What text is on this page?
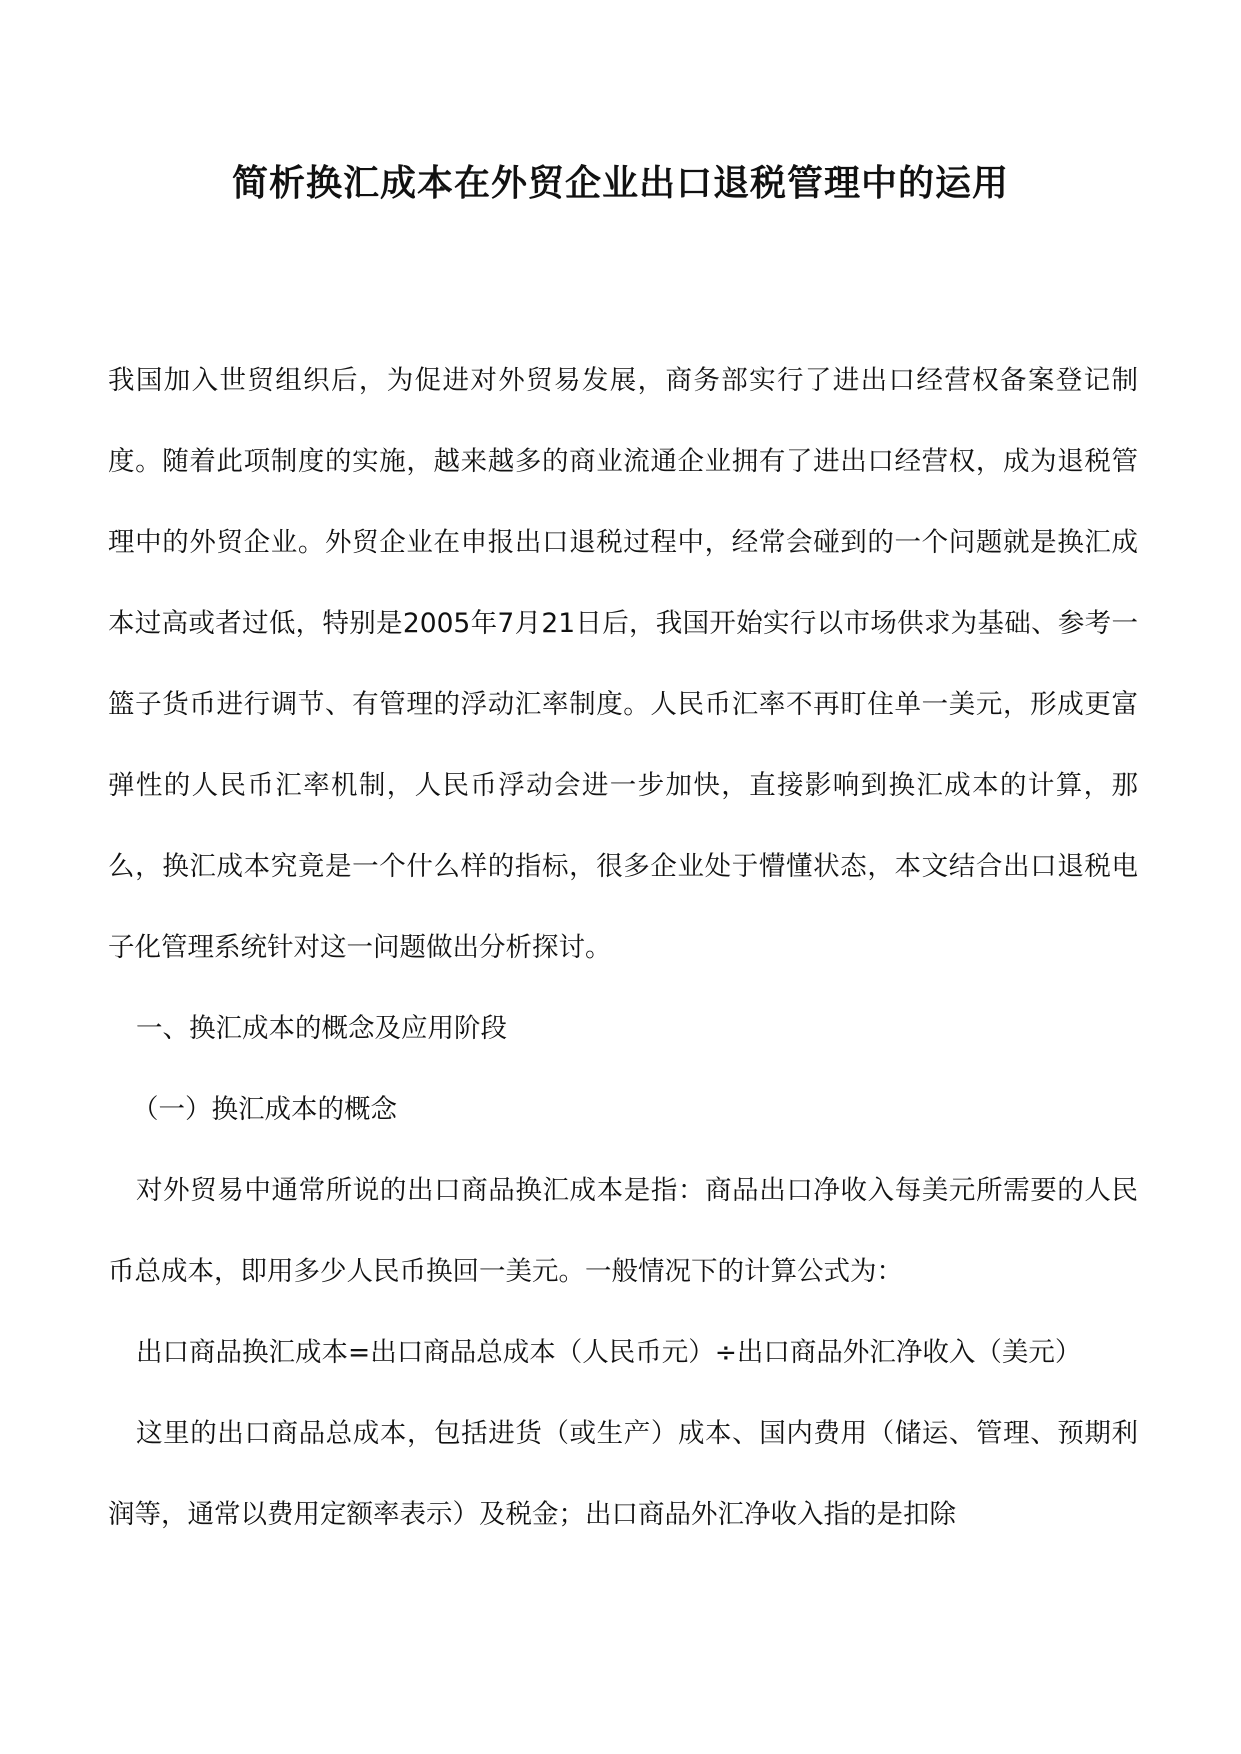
简析换汇成本在外贸企业出口退税管理中的运用

我国加入世贸组织后，为促进对外贸易发展，商务部实行了进出口经营权备案登记制度。随着此项制度的实施，越来越多的商业流通企业拥有了进出口经营权，成为退税管理中的外贸企业。外贸企业在申报出口退税过程中，经常会碰到的一个问题就是换汇成本过高或者过低，特别是2005年7月21日后，我国开始实行以市场供求为基础、参考一篮子货币进行调节、有管理的浮动汇率制度。人民币汇率不再盯住单一美元，形成更富弹性的人民币汇率机制，人民币浮动会进一步加快，直接影响到换汇成本的计算，那么，换汇成本究竟是一个什么样的指标，很多企业处于懵懂状态，本文结合出口退税电子化管理系统针对这一问题做出分析探讨。

一、换汇成本的概念及应用阶段

（一）换汇成本的概念

对外贸易中通常所说的出口商品换汇成本是指：商品出口净收入每美元所需要的人民币总成本，即用多少人民币换回一美元。一般情况下的计算公式为：

出口商品换汇成本=出口商品总成本（人民币元）÷出口商品外汇净收入（美元）

这里的出口商品总成本，包括进货（或生产）成本、国内费用（储运、管理、预期利润等，通常以费用定额率表示）及税金；出口商品外汇净收入指的是扣除
